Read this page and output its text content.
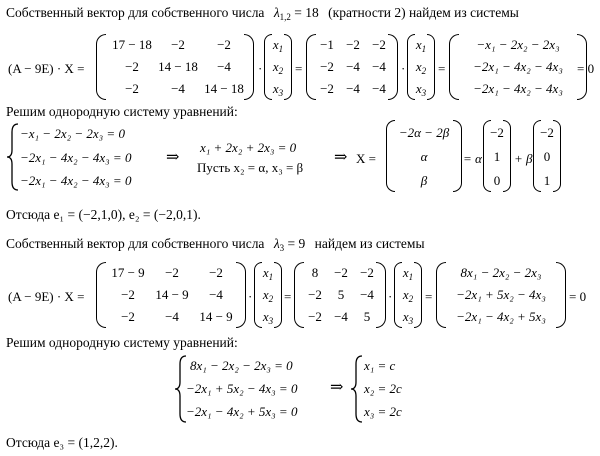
Собственный вектор для собственного числа $\lambda_{1,2} = 18$ (кратности 2) найдем из системы
(A − 9E) · X =
17 − 18	−2	−2
−2	14 − 18	−4
−2	−4	14 − 18
·
$x_1$
$x_2$
$x_3$
=
−1 −2 −2
−2 −4 −4
−2 −4 −4
·
$x_1$
$x_2$
$x_3$
=
−x₁ − 2x₂ − 2x₃
−2x₁ − 4x₂ − 4x₃
−2x₁ − 4x₂ − 4x₃
= 0
Решим однородную систему уравнений:
−x₁ − 2x₂ − 2x₃ = 0
−2x₁ − 4x₂ − 4x₃ = 0
−2x₁ − 4x₂ − 4x₃ = 0
⇒
x₁ + 2x₂ + 2x₃ = 0
Пусть x₂ = α, x₃ = β
⇒ X =
−2α − 2β
α
β
= α
−2
1
0
+ β
−2
0
1
Отсюда e₁ = (−2,1,0), e₂ = (−2,0,1).
Собственный вектор для собственного числа $\lambda_3 = 9$ найдем из системы
(A − 9E) · X =
17 − 9	−2	−2
−2	14 − 9	−4
−2	−4	14 − 9
·
$x_1$
$x_2$
$x_3$
=
8	−2 −2
−2	5	−4
−2 −4	5
·
$x_1$
$x_2$
$x_3$
=
8x₁ − 2x₂ − 2x₃
−2x₁ + 5x₂ − 4x₃
−2x₁ − 4x₂ + 5x₃
= 0
Решим однородную систему уравнений:
8x₁ − 2x₂ − 2x₃ = 0
−2x₁ + 5x₂ − 4x₃ = 0
−2x₁ − 4x₂ + 5x₃ = 0
⇒
x₁ = c
x₂ = 2c
x₃ = 2c
Отсюда e₃ = (1,2,2).
